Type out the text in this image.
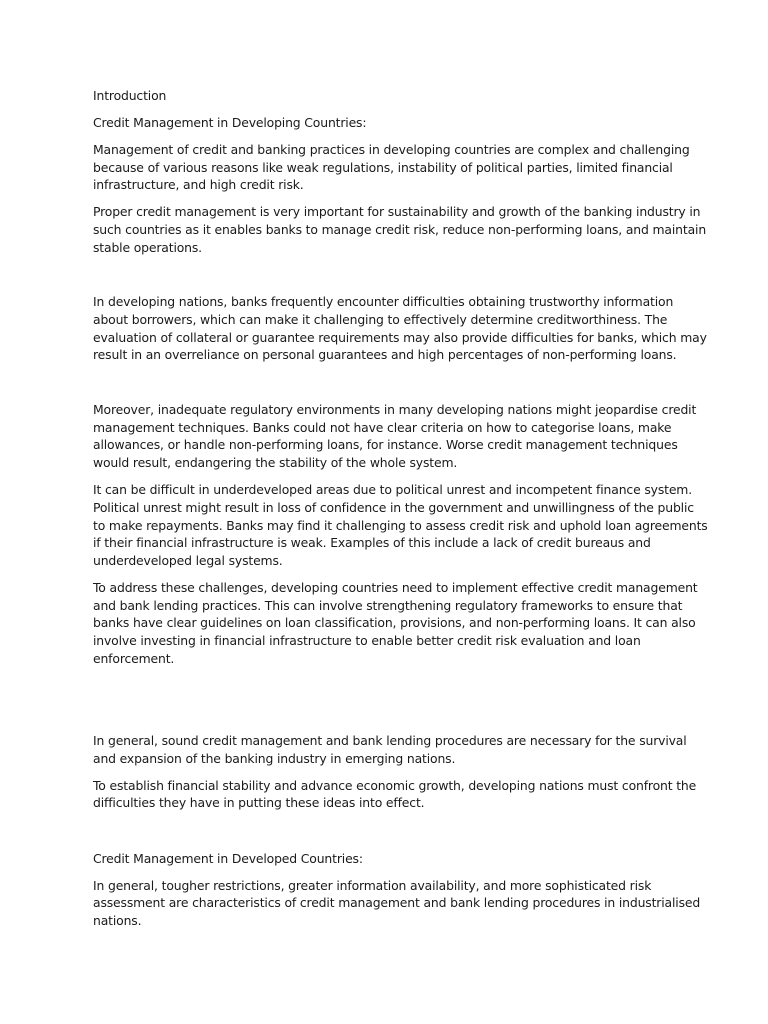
Introduction

Credit Management in Developing Countries:

Management of credit and banking practices in developing countries are complex and challenging

because of various reasons like weak regulations, instability of political parties, limited financial

infrastructure, and high credit risk.

Proper credit management is very important for sustainability and growth of the banking industry in

such countries as it enables banks to manage credit risk, reduce non-performing loans, and maintain

stable operations.

In developing nations, banks frequently encounter difficulties obtaining trustworthy information

about borrowers, which can make it challenging to effectively determine creditworthiness. The

evaluation of collateral or guarantee requirements may also provide difficulties for banks, which may

result in an overreliance on personal guarantees and high percentages of non-performing loans.

Moreover, inadequate regulatory environments in many developing nations might jeopardise credit

management techniques. Banks could not have clear criteria on how to categorise loans, make

allowances, or handle non-performing loans, for instance. Worse credit management techniques

would result, endangering the stability of the whole system.

It can be difficult in underdeveloped areas due to political unrest and incompetent finance system.

Political unrest might result in loss of confidence in the government and unwillingness of the public

to make repayments. Banks may find it challenging to assess credit risk and uphold loan agreements

if their financial infrastructure is weak. Examples of this include a lack of credit bureaus and

underdeveloped legal systems.

To address these challenges, developing countries need to implement effective credit management

and bank lending practices. This can involve strengthening regulatory frameworks to ensure that

banks have clear guidelines on loan classification, provisions, and non-performing loans. It can also

involve investing in financial infrastructure to enable better credit risk evaluation and loan

enforcement.

In general, sound credit management and bank lending procedures are necessary for the survival

and expansion of the banking industry in emerging nations.

To establish financial stability and advance economic growth, developing nations must confront the

difficulties they have in putting these ideas into effect.

Credit Management in Developed Countries:

In general, tougher restrictions, greater information availability, and more sophisticated risk

assessment are characteristics of credit management and bank lending procedures in industrialised

nations.
